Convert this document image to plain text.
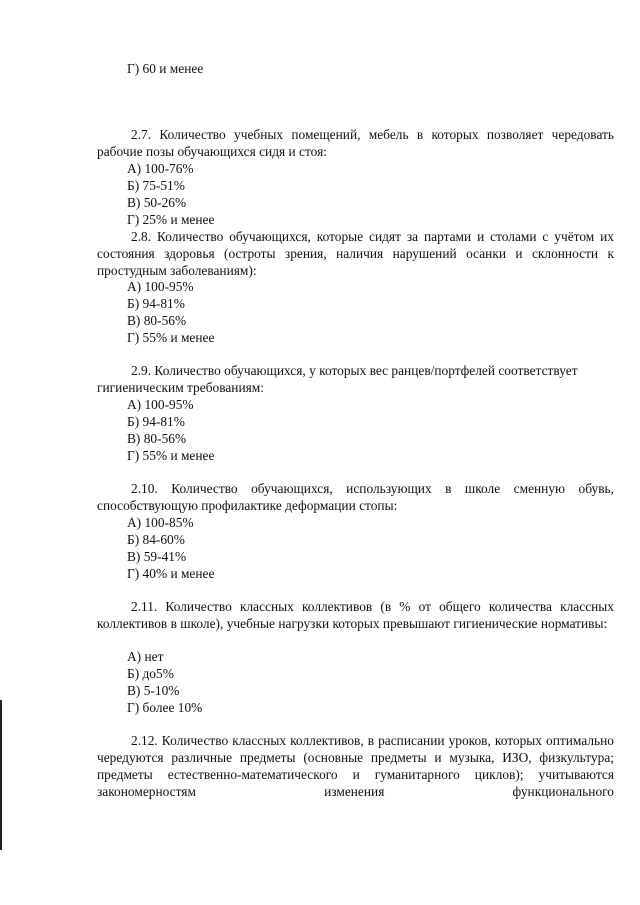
Г) 60 и менее

2.7. Количество учебных помещений, мебель в которых позволяет чередовать рабочие позы обучающихся сидя и стоя:

А) 100-76%
Б) 75-51%
В) 50-26%
Г) 25% и менее

2.8. Количество обучающихся, которые сидят за партами и столами с учётом их состояния здоровья (остроты зрения, наличия нарушений осанки и склонности к простудным заболеваниям):

А) 100-95%
Б) 94-81%
В) 80-56%
Г) 55% и менее

2.9. Количество обучающихся, у которых вес ранцев/портфелей соответствует гигиеническим требованиям:

А) 100-95%
Б) 94-81%
В) 80-56%
Г) 55% и менее

2.10. Количество обучающихся, использующих в школе сменную обувь, способствующую профилактике деформации стопы:

А) 100-85%
Б) 84-60%
В) 59-41%
Г) 40% и менее

2.11. Количество классных коллективов (в % от общего количества классных коллективов в школе), учебные нагрузки которых превышают гигиенические нормативы:

А) нет
Б) до5%
В) 5-10%
Г) более 10%

2.12. Количество классных коллективов, в расписании уроков, которых оптимально чередуются различные предметы (основные предметы и музыка, ИЗО, физкультура; предметы естественно-математического и гуманитарного циклов); учитываются закономерностям изменения функционального
